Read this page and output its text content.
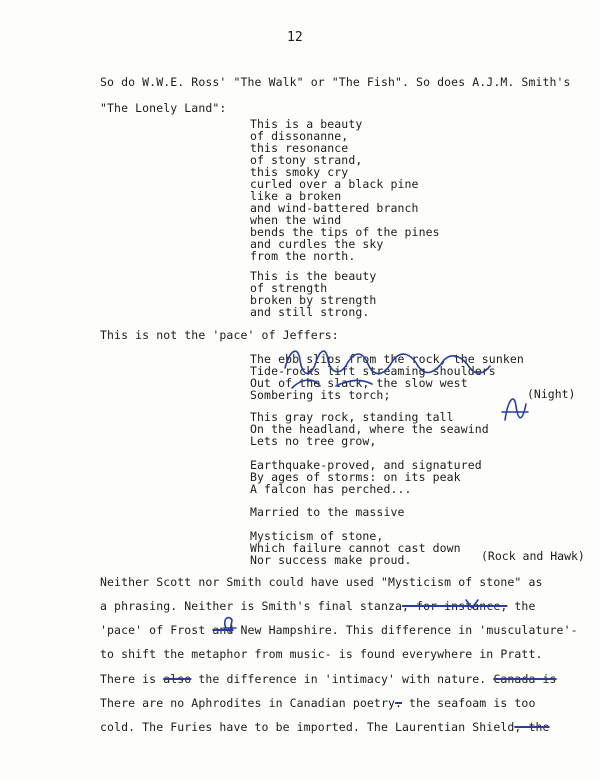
12
So do W.W.E. Ross' "The Walk" or "The Fish". So does A.J.M. Smith's
"The Lonely Land":
This is a beauty
of dissonanne,
this resonance
of stony strand,
this smoky cry
curled over a black pine
like a broken
and wind-battered branch
when the wind
bends the tips of the pines
and curdles the sky
from the north.
This is the beauty
of strength
broken by strength
and still strong.
This is not the 'pace' of Jeffers:
The ebb slips from the rock, the sunken
Tide-rocks lift streaming shoulders
Out of the slack, the slow west
Sombering its torch;	(Night)
This gray rock, standing tall
On the headland, where the seawind
Lets no tree grow,
Earthquake-proved, and signatured
By ages of storms: on its peak
A falcon has perched...
Married to the massive
Mysticism of stone,
Which failure cannot cast down
Nor success make proud.	(Rock and Hawk)
Neither Scott nor Smith could have used "Mysticism of stone" as
a phrasing. Neither is Smith's final stanza, for instance, the
'pace' of Frost and New Hampshire. This difference in 'musculature'-
to shift the metaphor from music- is found everywhere in Pratt.
There is also the difference in 'intimacy' with nature. Canada is
There are no Aphrodites in Canadian poetry. the seafoam is too
cold. The Furies have to be imported. The Laurentian Shield, the
